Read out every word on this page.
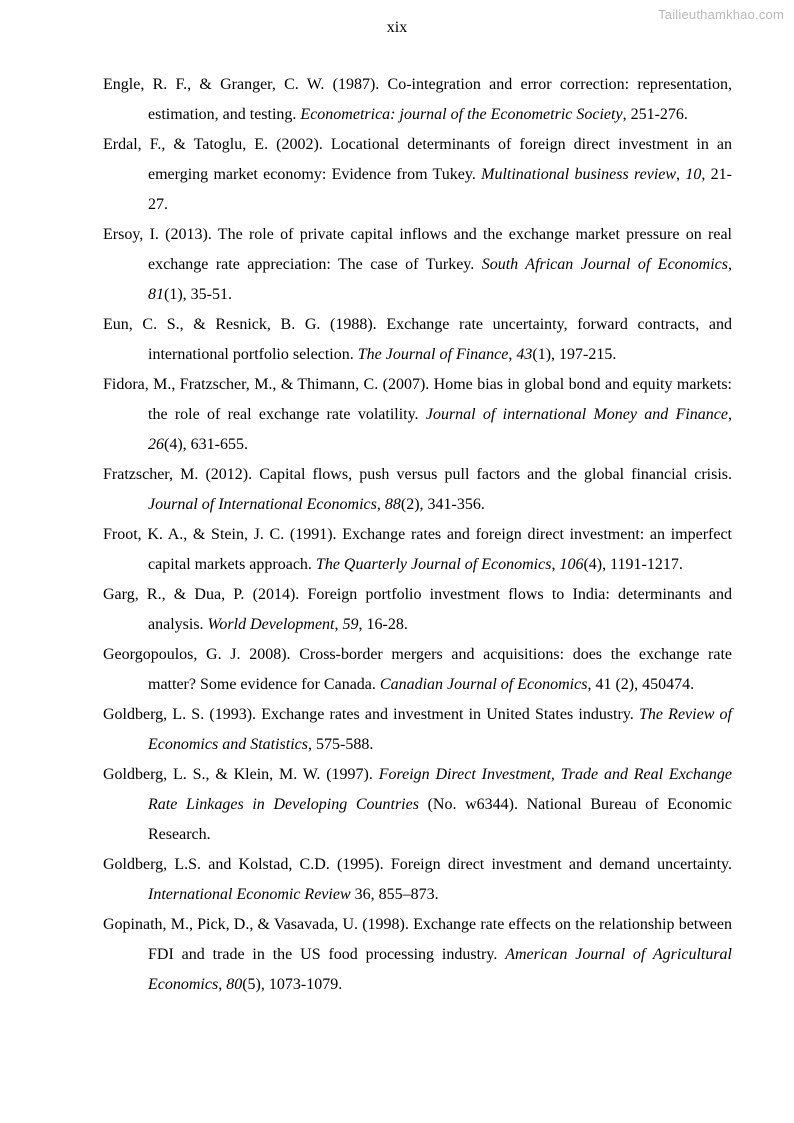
Tailieuthamkhao.com
xix

Engle, R. F., & Granger, C. W. (1987). Co-integration and error correction: representation, estimation, and testing. Econometrica: journal of the Econometric Society, 251-276.

Erdal, F., & Tatoglu, E. (2002). Locational determinants of foreign direct investment in an emerging market economy: Evidence from Tukey. Multinational business review, 10, 21-27.

Ersoy, I. (2013). The role of private capital inflows and the exchange market pressure on real exchange rate appreciation: The case of Turkey. South African Journal of Economics, 81(1), 35-51.

Eun, C. S., & Resnick, B. G. (1988). Exchange rate uncertainty, forward contracts, and international portfolio selection. The Journal of Finance, 43(1), 197-215.

Fidora, M., Fratzscher, M., & Thimann, C. (2007). Home bias in global bond and equity markets: the role of real exchange rate volatility. Journal of international Money and Finance, 26(4), 631-655.

Fratzscher, M. (2012). Capital flows, push versus pull factors and the global financial crisis. Journal of International Economics, 88(2), 341-356.

Froot, K. A., & Stein, J. C. (1991). Exchange rates and foreign direct investment: an imperfect capital markets approach. The Quarterly Journal of Economics, 106(4), 1191-1217.

Garg, R., & Dua, P. (2014). Foreign portfolio investment flows to India: determinants and analysis. World Development, 59, 16-28.

Georgopoulos, G. J. 2008). Cross-border mergers and acquisitions: does the exchange rate matter? Some evidence for Canada. Canadian Journal of Economics, 41 (2), 450474.

Goldberg, L. S. (1993). Exchange rates and investment in United States industry. The Review of Economics and Statistics, 575-588.

Goldberg, L. S., & Klein, M. W. (1997). Foreign Direct Investment, Trade and Real Exchange Rate Linkages in Developing Countries (No. w6344). National Bureau of Economic Research.

Goldberg, L.S. and Kolstad, C.D. (1995). Foreign direct investment and demand uncertainty. International Economic Review 36, 855–873.

Gopinath, M., Pick, D., & Vasavada, U. (1998). Exchange rate effects on the relationship between FDI and trade in the US food processing industry. American Journal of Agricultural Economics, 80(5), 1073-1079.
